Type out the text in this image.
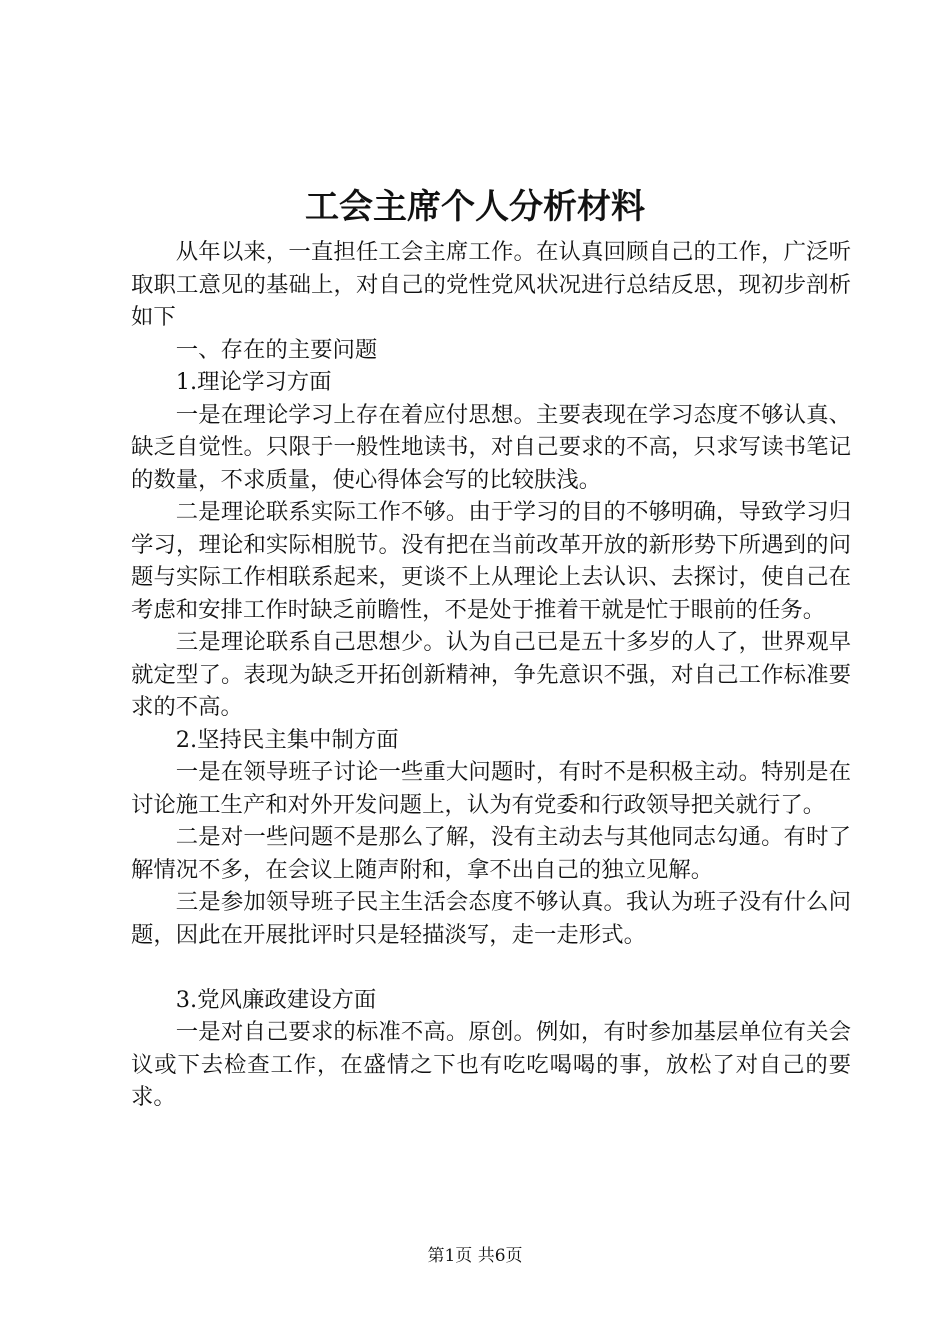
工会主席个人分析材料

从年以来，一直担任工会主席工作。在认真回顾自己的工作，广泛听取职工意见的基础上，对自己的党性党风状况进行总结反思，现初步剖析如下

一、存在的主要问题

1.理论学习方面

一是在理论学习上存在着应付思想。主要表现在学习态度不够认真、缺乏自觉性。只限于一般性地读书，对自己要求的不高，只求写读书笔记的数量，不求质量，使心得体会写的比较肤浅。

二是理论联系实际工作不够。由于学习的目的不够明确，导致学习归学习，理论和实际相脱节。没有把在当前改革开放的新形势下所遇到的问题与实际工作相联系起来，更谈不上从理论上去认识、去探讨，使自己在考虑和安排工作时缺乏前瞻性，不是处于推着干就是忙于眼前的任务。

三是理论联系自己思想少。认为自己已是五十多岁的人了，世界观早就定型了。表现为缺乏开拓创新精神，争先意识不强，对自己工作标准要求的不高。

2.坚持民主集中制方面

一是在领导班子讨论一些重大问题时，有时不是积极主动。特别是在讨论施工生产和对外开发问题上，认为有党委和行政领导把关就行了。

二是对一些问题不是那么了解，没有主动去与其他同志勾通。有时了解情况不多，在会议上随声附和，拿不出自己的独立见解。

三是参加领导班子民主生活会态度不够认真。我认为班子没有什么问题，因此在开展批评时只是轻描淡写，走一走形式。

3.党风廉政建设方面

一是对自己要求的标准不高。原创。例如，有时参加基层单位有关会议或下去检查工作，在盛情之下也有吃吃喝喝的事，放松了对自己的要求。

第1页 共6页
